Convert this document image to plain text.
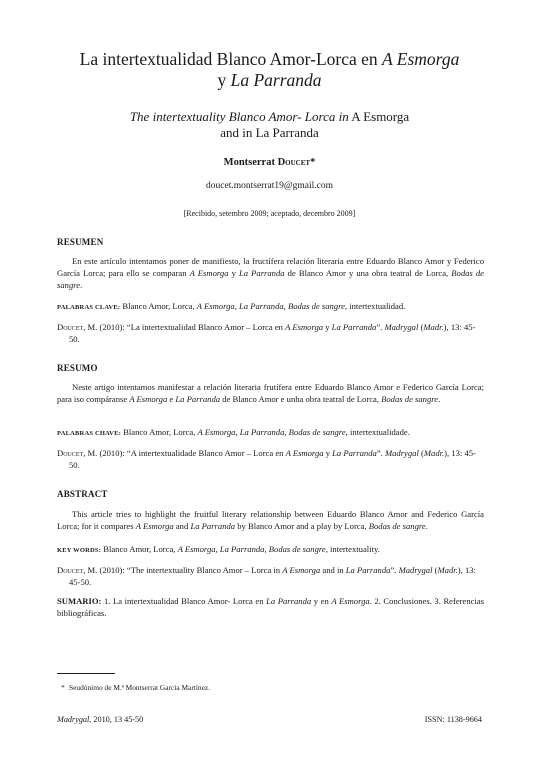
La intertextualidad Blanco Amor-Lorca en A Esmorga
y La Parranda
The intertextuality Blanco Amor- Lorca in A Esmorga
and in La Parranda
Montserrat Doucet*
doucet.montserrat19@gmail.com
[Recibido, setembro 2009; aceptado, decembro 2009]
RESUMEN
En este artículo intentamos poner de manifiesto, la fructífera relación literaria entre Eduardo Blanco Amor y Federico García Lorca; para ello se comparan A Esmorga y La Parranda de Blanco Amor y una obra teatral de Lorca, Bodas de sangre.
PALABRAS CLAVE: Blanco Amor, Lorca, A Esmorga, La Parranda, Bodas de sangre, intertextualidad.
Doucet, M. (2010): “La intertextualidad Blanco Amor – Lorca en A Esmorga y La Parranda”. Madrygal (Madr.), 13: 45-50.
RESUMO
Neste artigo intentamos manifestar a relación literaria frutífera entre Eduardo Blanco Amor e Federico García Lorca; para iso compáranse A Esmorga e La Parranda de Blanco Amor e unha obra teatral de Lorca, Bodas de sangre.
PALABRAS CHAVE: Blanco Amor, Lorca, A Esmorga, La Parranda, Bodas de sangre, intertextualidade.
Doucet, M. (2010): “A intertextualidade Blanco Amor – Lorca en A Esmorga y La Parranda”. Madrygal (Madr.), 13: 45-50.
ABSTRACT
This article tries to highlight the fruitful literary relationship between Eduardo Blanco Amor and Federico García Lorca; for it compares A Esmorga and La Parranda by Blanco Amor and a play by Lorca, Bodas de sangre.
KEY WORDS: Blanco Amor, Lorca, A Esmorga, La Parranda, Bodas de sangre, intertextuality.
Doucet, M. (2010): “The intertextuality Blanco Amor – Lorca in A Esmorga and in La Parranda”. Madrygal (Madr.), 13: 45-50.
SUMARIO: 1. La intertextualidad Blanco Amor- Lorca en La Parranda y en A Esmorga. 2. Conclusiones. 3. Referencias bibliográficas.
* Seudónimo de M.ª Montserrat García Martínez.
Madrygal, 2010, 13 45-50	ISSN: 1138-9664
